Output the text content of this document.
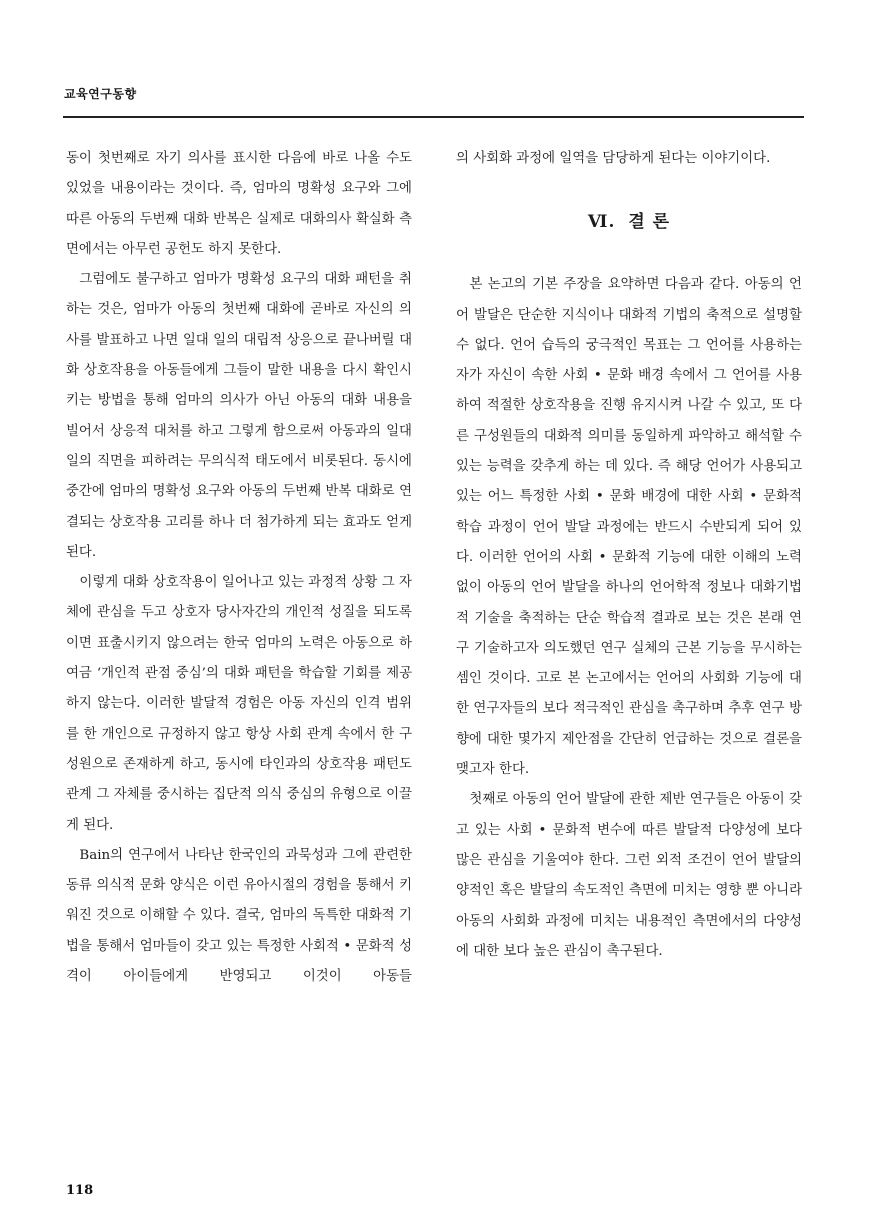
교육연구동향

동이 첫번째로 자기 의사를 표시한 다음에 바로 나올 수도 있었을 내용이라는 것이다. 즉, 엄마의 명확성 요구와 그에 따른 아동의 두번째 대화 반복은 실제로 대화의사 확실화 측면에서는 아무런 공헌도 하지 못한다.

그럼에도 불구하고 엄마가 명확성 요구의 대화 패턴을 취하는 것은, 엄마가 아동의 첫번째 대화에 곧바로 자신의 의사를 발표하고 나면 일대 일의 대립적 상응으로 끝나버릴 대화 상호작용을 아동들에게 그들이 말한 내용을 다시 확인시키는 방법을 통해 엄마의 의사가 아닌 아동의 대화 내용을 빌어서 상응적 대처를 하고 그렇게 함으로써 아동과의 일대 일의 직면을 피하려는 무의식적 태도에서 비롯된다. 동시에 중간에 엄마의 명확성 요구와 아동의 두번째 반복 대화로 연결되는 상호작용 고리를 하나 더 첨가하게 되는 효과도 얻게 된다.

이렇게 대화 상호작용이 일어나고 있는 과정적 상황 그 자체에 관심을 두고 상호자 당사자간의 개인적 성질을 되도록이면 표출시키지 않으려는 한국 엄마의 노력은 아동으로 하여금 ‘개인적 관점 중심’의 대화 패턴을 학습할 기회를 제공하지 않는다. 이러한 발달적 경험은 아동 자신의 인격 범위를 한 개인으로 규정하지 않고 항상 사회 관계 속에서 한 구성원으로 존재하게 하고, 동시에 타인과의 상호작용 패턴도 관계 그 자체를 중시하는 집단적 의식 중심의 유형으로 이끌게 된다.

Bain의 연구에서 나타난 한국인의 과묵성과 그에 관련한 동류 의식적 문화 양식은 이런 유아시절의 경험을 통해서 키워진 것으로 이해할 수 있다. 결국, 엄마의 독특한 대화적 기법을 통해서 엄마들이 갖고 있는 특정한 사회적 • 문화적 성격이 아이들에게 반영되고 이것이 아동들

의 사회화 과정에 일역을 담당하게 된다는 이야기이다.

Ⅵ. 결 론

본 논고의 기본 주장을 요약하면 다음과 같다. 아동의 언어 발달은 단순한 지식이나 대화적 기법의 축적으로 설명할 수 없다. 언어 습득의 궁극적인 목표는 그 언어를 사용하는 자가 자신이 속한 사회 • 문화 배경 속에서 그 언어를 사용하여 적절한 상호작용을 진행 유지시켜 나갈 수 있고, 또 다른 구성원들의 대화적 의미를 동일하게 파악하고 해석할 수 있는 능력을 갖추게 하는 데 있다. 즉 해당 언어가 사용되고 있는 어느 특정한 사회 • 문화 배경에 대한 사회 • 문화적 학습 과정이 언어 발달 과정에는 반드시 수반되게 되어 있다. 이러한 언어의 사회 • 문화적 기능에 대한 이해의 노력없이 아동의 언어 발달을 하나의 언어학적 정보나 대화기법적 기술을 축적하는 단순 학습적 결과로 보는 것은 본래 연구 기술하고자 의도했던 연구 실체의 근본 기능을 무시하는 셈인 것이다. 고로 본 논고에서는 언어의 사회화 기능에 대한 연구자들의 보다 적극적인 관심을 촉구하며 추후 연구 방향에 대한 몇가지 제안점을 간단히 언급하는 것으로 결론을 맺고자 한다.

첫째로 아동의 언어 발달에 관한 제반 연구들은 아동이 갖고 있는 사회 • 문화적 변수에 따른 발달적 다양성에 보다 많은 관심을 기울여야 한다. 그런 외적 조건이 언어 발달의 양적인 혹은 발달의 속도적인 측면에 미치는 영향 뿐 아니라 아동의 사회화 과정에 미치는 내용적인 측면에서의 다양성에 대한 보다 높은 관심이 촉구된다.

118
